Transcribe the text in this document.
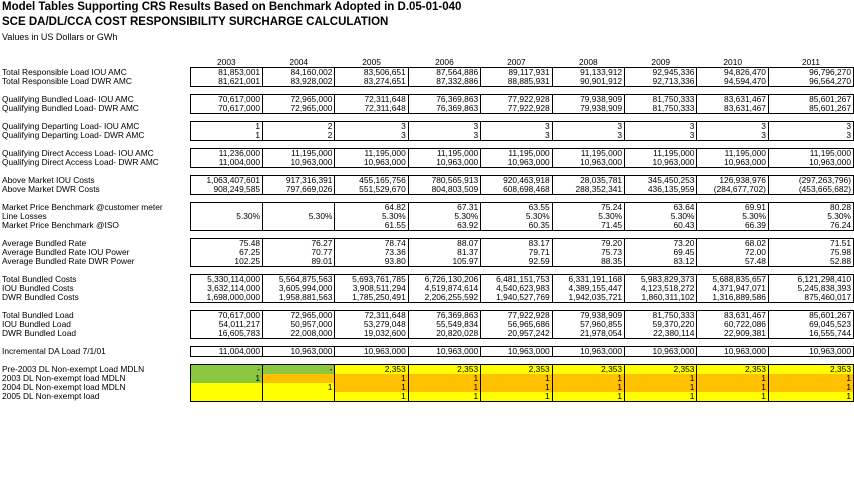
Model Tables Supporting CRS Results Based on Benchmark Adopted in D.05-01-040
SCE DA/DL/CCA COST RESPONSIBILITY SURCHARGE CALCULATION
Values in US Dollars or GWh
	2003	2004	2005	2006	2007	2008	2009	2010	2011
Total Responsible Load IOU AMC	81,853,001	84,160,002	83,506,651	87,564,886	89,117,931	91,133,912	92,945,336	94,826,470	96,796,270
Total Responsible Load DWR AMC	81,621,001	83,928,002	83,274,651	87,332,886	88,885,931	90,901,912	92,713,336	94,594,470	96,564,270

Qualifying Bundled Load- IOU AMC	70,617,000	72,965,000	72,311,648	76,369,863	77,922,928	79,938,909	81,750,333	83,631,467	85,601,267
Qualifying Bundled Load- DWR AMC	70,617,000	72,965,000	72,311,648	76,369,863	77,922,928	79,938,909	81,750,333	83,631,467	85,601,267

Qualifying Departing Load- IOU AMC	1	2	3	3	3	3	3	3	3
Qualifying Departing Load- DWR AMC	1	2	3	3	3	3	3	3	3

Qualifying Direct Access Load- IOU AMC	11,236,000	11,195,000	11,195,000	11,195,000	11,195,000	11,195,000	11,195,000	11,195,000	11,195,000
Qualifying Direct Access Load- DWR AMC	11,004,000	10,963,000	10,963,000	10,963,000	10,963,000	10,963,000	10,963,000	10,963,000	10,963,000

Above Market IOU Costs	1,063,407,601	917,316,391	455,165,756	780,565,913	920,463,918	28,035,781	345,450,253	126,938,976	(297,263,796)
Above Market DWR Costs	908,249,585	797,669,026	551,529,670	804,803,509	608,698,468	288,352,341	436,135,959	(284,677,702)	(453,665,682)

Market Price Benchmark @customer meter			64.82	67.31	63.55	75.24	63.64	69.91	80.28
Line Losses	5.30%	5.30%	5.30%	5.30%	5.30%	5.30%	5.30%	5.30%	5.30%
Market Price Benchmark @ISO			61.55	63.92	60.35	71.45	60.43	66.39	76.24

Average Bundled Rate	75.48	76.27	78.74	88.07	83.17	79.20	73.20	68.02	71.51
Average Bundled Rate IOU Power	67.25	70.77	73.36	81.37	79.71	75.73	69.45	72.00	75.98
Average Bundled Rate DWR Power	102.25	89.01	93.80	105.97	92.59	88.35	83.12	57.48	52.88

Total Bundled Costs	5,330,114,000	5,564,875,563	5,693,761,785	6,726,130,206	6,481,151,753	6,331,191,168	5,983,829,373	5,688,835,657	6,121,298,410
IOU Bundled Costs	3,632,114,000	3,605,994,000	3,908,511,294	4,519,874,614	4,540,623,983	4,389,155,447	4,123,518,272	4,371,947,071	5,245,838,393
DWR Bundled Costs	1,698,000,000	1,958,881,563	1,785,250,491	2,206,255,592	1,940,527,769	1,942,035,721	1,860,311,102	1,316,889,586	875,460,017

Total Bundled Load	70,617,000	72,965,000	72,311,648	76,369,863	77,922,928	79,938,909	81,750,333	83,631,467	85,601,267
IOU Bundled Load	54,011,217	50,957,000	53,279,048	55,549,834	56,965,686	57,960,855	59,370,220	60,722,086	69,045,523
DWR Bundled Load	16,605,783	22,008,000	19,032,600	20,820,028	20,957,242	21,978,054	22,380,114	22,909,381	16,555,744

Incremental DA Load 7/1/01	11,004,000	10,963,000	10,963,000	10,963,000	10,963,000	10,963,000	10,963,000	10,963,000	10,963,000

Pre-2003 DL Non-exempt Load MDLN	-	-	2,353	2,353	2,353	2,353	2,353	2,353	2,353
2003 DL Non-exempt load MDLN	1		1	1	1	1	1	1	1
2004 DL Non-exempt load MDLN		1	1	1	1	1	1	1	1
2005 DL Non-exempt load			1	1	1	1	1	1	1
